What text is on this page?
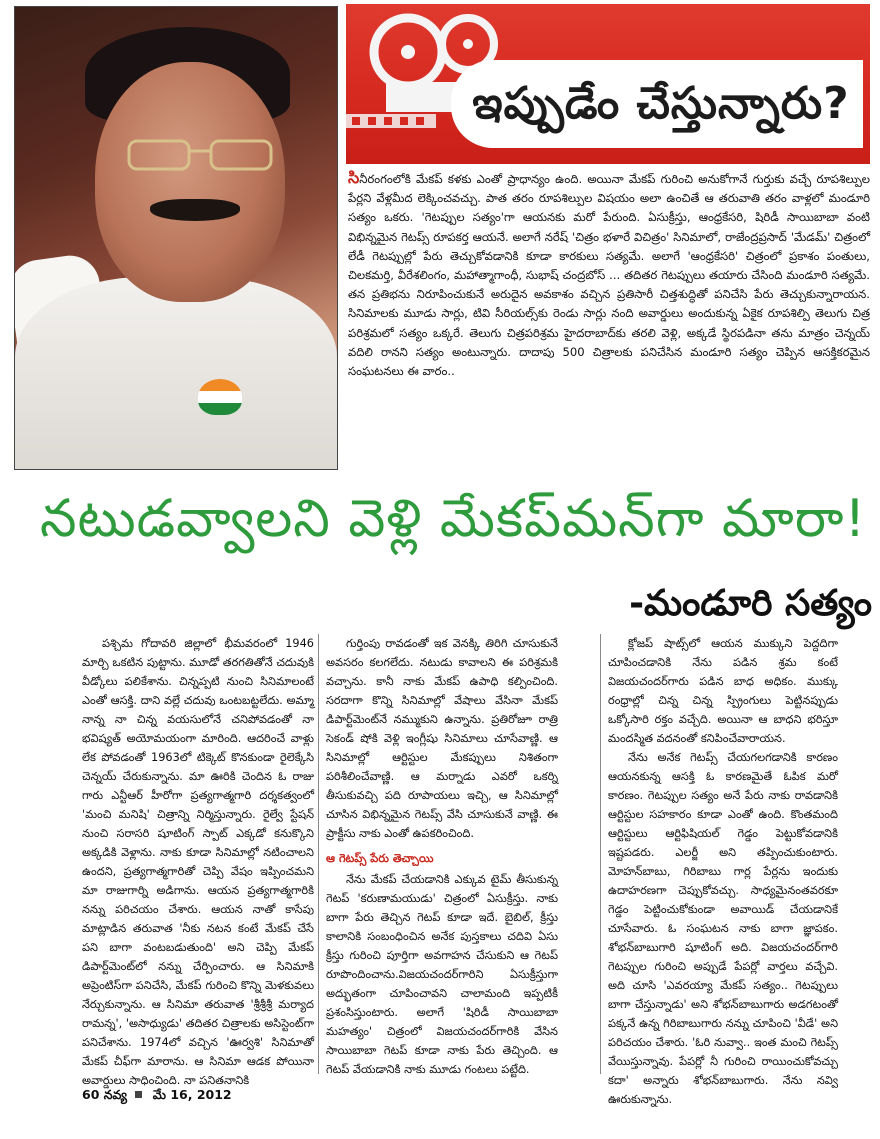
ఇప్పుడేం చేస్తున్నారు?
సినీరంగంలోకి మేకప్ కళకు ఎంతో ప్రాధాన్యం ఉంది. అయినా మేకప్ గురించి అనుకోగానే గుర్తుకు వచ్చే రూపశిల్పుల పేర్లని వేళ్లమీద లెక్కించవచ్చు. పాత తరం రూపశిల్పుల విషయం అలా ఉంచితే ఆ తరువాతి తరం వాళ్లలో మండూరి సత్యం ఒకరు. 'గెటప్పుల సత్యం'గా ఆయనకు మరో పేరుంది. ఏసుక్రీస్తు, ఆంధ్రకేసరి, షిరిడీ సాయిబాబా వంటి విభిన్నమైన గెటప్స్ రూపకర్త ఆయనే. అలాగే నరేష్ 'చిత్రం భళారే విచిత్రం' సినిమాలో, రాజేంద్రప్రసాద్ 'మేడమ్' చిత్రంలో లేడీ గెటప్పుల్లో పేరు తెచ్చుకోవడానికి కూడా కారకులు సత్యమే. అలాగే 'ఆంధ్రకేసరి' చిత్రంలో ప్రకాశం పంతులు, చిలకమర్తి, వీరేశలింగం, మహాత్మాగాంధీ, సుభాష్ చంద్రబోస్ ... తదితర గెటప్పులు తయారు చేసింది మండూరి సత్యమే. తన ప్రతిభను నిరూపించుకునే అరుదైన అవకాశం వచ్చిన ప్రతిసారీ చిత్తశుద్ధితో పనిచేసి పేరు తెచ్చుకున్నారాయన. సినిమాలకు మూడు సార్లు, టివి సీరియల్స్‌కు రెండు సార్లు నంది అవార్డులు అందుకున్న ఏకైక రూపశిల్పి తెలుగు చిత్ర పరిశ్రమలో సత్యం ఒక్కరే. తెలుగు చిత్రపరిశ్రమ హైదరాబాద్‌కు తరలి వెళ్లి, అక్కడే స్థిరపడినా తను మాత్రం చెన్నయ్ వదిలి రానని సత్యం అంటున్నారు. దాదాపు 500 చిత్రాలకు పనిచేసిన మండూరి సత్యం చెప్పిన ఆసక్తికరమైన సంఘటనలు ఈ వారం..
నటుడవ్వాలని వెళ్లి మేకప్‌మన్‌గా మారా!
-మండూరి సత్యం

పశ్చిమ గోదావరి జిల్లాలో భీమవరంలో 1946 మార్చి ఒకటిన పుట్టాను. మూడో తరగతితోనే చదువుకి వీడ్కోలు పలికేశాను. చిన్నప్పటి నుంచి సినిమాలంటే ఎంతో ఆసక్తి. దాని వల్లే చదువు ఒంటబట్టలేదు. అమ్మా నాన్న నా చిన్న వయసులోనే చనిపోవడంతో నా భవిష్యత్ అయోమయంగా మారింది. ఆదరించే వాళ్లు లేక పోవడంతో 1963లో టిక్కెట్ కొనకుండా రైలెక్కేసి చెన్నయ్ చేరుకున్నాను. మా ఊరికి చెందిన ఓ రాజు గారు ఎన్టీఆర్ హీరోగా ప్రత్యగాత్మగారి దర్శకత్వంలో 'మంచి మనిషి' చిత్రాన్ని నిర్మిస్తున్నారు. రైల్వే స్టేషన్ నుంచి సరాసరి షూటింగ్ స్పాట్ ఎక్కడో కనుక్కొని అక్కడికి వెళ్లాను. నాకు కూడా సినిమాల్లో నటించాలని ఉందని, ప్రత్యగాత్మగారితో చెప్పి వేషం ఇప్పించమని మా రాజుగార్ని అడిగాను. ఆయన ప్రత్యగాత్మగారికి నన్ను పరిచయం చేశారు. ఆయన నాతో కాసేపు మాట్లాడిన తరువాత 'నీకు నటన కంటే మేకప్ చేసే పని బాగా వంటబడుతుంది' అని చెప్పి మేకప్ డిపార్ట్‌మెంట్‌లో నన్ను చేర్పించారు. ఆ సినిమాకి అప్రెంటిస్‌గా పనిచేసి, మేకప్ గురించి కొన్ని మెళకువలు నేర్చుకున్నాను. ఆ సినిమా తరువాత 'శ్రీశ్రీశ్రీ మర్యాద రామన్న', 'అసాధ్యుడు' తదితర చిత్రాలకు అసిస్టెంట్‌గా పనిచేశాను. 1974లో వచ్చిన 'ఊర్వశి' సినిమాతో మేకప్ చీఫ్‌గా మారాను. ఆ సినిమా ఆడక పోయినా అవార్డులు సాధించింది. నా పనితనానికి

గుర్తింపు రావడంతో ఇక వెనక్కి తిరిగి చూసుకునే అవసరం కలగలేదు. నటుడు కావాలని ఈ పరిశ్రమకి వచ్చాను. కానీ నాకు మేకప్ ఉపాధి కల్పించింది. సరదాగా కొన్ని సినిమాల్లో వేషాలు వేసినా మేకప్ డిపార్ట్‌మెంట్‌నే నమ్ముకుని ఉన్నాను. ప్రతిరోజూ రాత్రి సెకండ్ షోకి వెళ్లి ఇంగ్లీషు సినిమాలు చూసేవాణ్ణి. ఆ సినిమాల్లో ఆర్టిస్టుల మేకప్పులు నిశితంగా పరిశీలించేవాణ్ణి. ఆ మర్నాడు ఎవరో ఒకర్ని తీసుకువచ్చి పది రూపాయలు ఇచ్చి, ఆ సినిమాల్లో చూసిన విభిన్నమైన గెటప్స్ వేసి చూసుకునే వాణ్ణి. ఈ ప్రాక్టీసు నాకు ఎంతో ఉపకరించింది.

ఆ గెటప్స్ పేరు తెచ్చాయి

నేను మేకప్ చేయడానికి ఎక్కువ టైమ్ తీసుకున్న గెటప్ 'కరుణామయుడు' చిత్రంలో ఏసుక్రీస్తు. నాకు బాగా పేరు తెచ్చిన గెటప్ కూడా ఇదే. బైబిల్, క్రీస్తు కాలానికి సంబంధించిన అనేక పుస్తకాలు చదివి ఏసు క్రీస్తు గురించి పూర్తిగా అవగాహన చేసుకుని ఆ గెటప్ రూపొందించాను.విజయచందర్‌గారిని ఏసుక్రీస్తుగా అద్భుతంగా చూపించావని చాలామంది ఇప్పటికీ ప్రశంసిస్తుంటారు. అలాగే 'షిరిడీ సాయిబాబా మహత్యం' చిత్రంలో విజయచందర్‌గారికి వేసిన సాయిబాబా గెటప్ కూడా నాకు పేరు తెచ్చింది. ఆ గెటప్ వేయడానికి నాకు మూడు గంటలు పట్టేది.

క్లోజప్ షాట్స్‌లో ఆయన ముక్కుని పెద్దదిగా చూపించడానికి నేను పడిన శ్రమ కంటే విజయచందర్‌గారు పడిన బాధ అధికం. ముక్కు రంధ్రాల్లో చిన్న చిన్న స్ప్రింగులు పెట్టినప్పుడు ఒక్కోసారి రక్తం వచ్చేది. అయినా ఆ బాధని భరిస్తూ మందస్మిత వదనంతో కనిపించేవారాయన.

నేను అనేక గెటప్స్ చేయగలగడానికి కారణం ఆయనకున్న ఆసక్తి ఓ కారణమైతే ఓపిక మరో కారణం. గెటప్పుల సత్యం అనే పేరు నాకు రావడానికి ఆర్టిస్టుల సహకారం కూడా ఎంతో ఉంది. కొంతమంది ఆర్టిస్టులు ఆర్టిఫిషియల్ గెడ్డం పెట్టుకోవడానికి ఇష్టపడరు. ఎలర్జీ అని తప్పించుకుంటారు. మోహన్‌బాబు, గిరిబాబు గార్ల పేర్లను ఇందుకు ఉదాహరణగా చెప్పుకోవచ్చు. సాధ్యమైనంతవరకూ గెడ్డం పెట్టించుకోకుండా అవాయిడ్ చేయడానికే చూసేవారు. ఓ సంఘటన నాకు బాగా జ్ఞాపకం. శోభన్‌బాబుగారి షూటింగ్ అది. విజయచందర్‌గారి గెటప్పుల గురించి అప్పుడే పేపర్లో వార్తలు వచ్చేవి. అది చూసి 'ఎవరయ్యా మేకప్ సత్యం.. గెటప్పులు బాగా చేస్తున్నాడు' అని శోభన్‌బాబుగారు అడగటంతో పక్కనే ఉన్న గిరిబాబుగారు నన్ను చూపించి 'వీడే' అని పరిచయం చేశారు. 'ఓరి నువ్వా.. ఇంత మంచి గెటప్స్ వేయిస్తున్నావు. పేపర్లో నీ గురించి రాయించుకోవచ్చు కదా' అన్నారు శోభన్‌బాబుగారు. నేను నవ్వి ఊరుకున్నాను.

60 నవ్య మే 16, 2012
